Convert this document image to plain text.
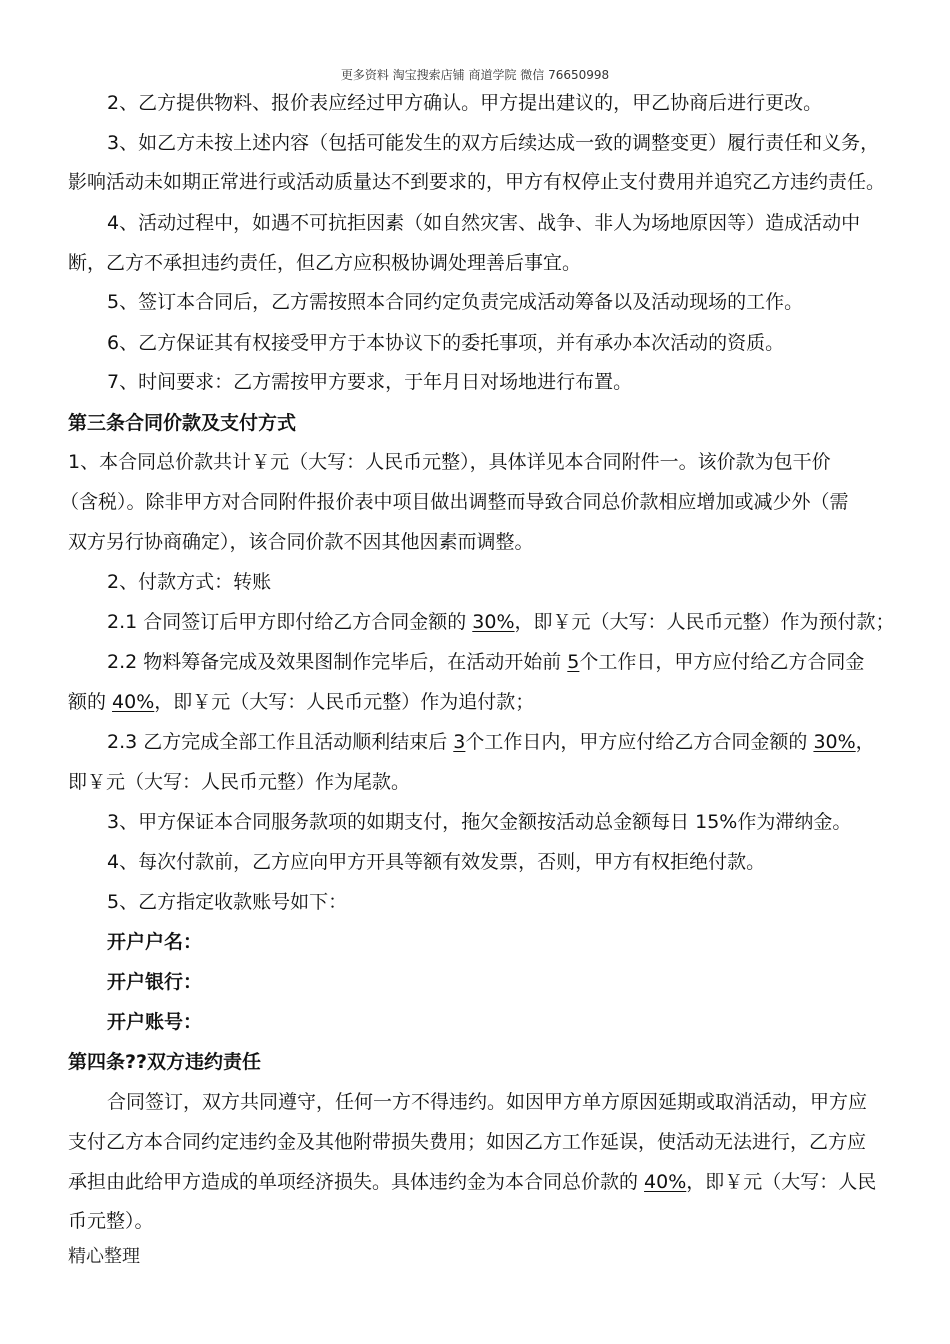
更多资料 淘宝搜索店铺 商道学院 微信 76650998
2、乙方提供物料、报价表应经过甲方确认。甲方提出建议的，甲乙协商后进行更改。
3、如乙方未按上述内容（包括可能发生的双方后续达成一致的调整变更）履行责任和义务，
影响活动未如期正常进行或活动质量达不到要求的，甲方有权停止支付费用并追究乙方违约责任。
4、活动过程中，如遇不可抗拒因素（如自然灾害、战争、非人为场地原因等）造成活动中
断，乙方不承担违约责任，但乙方应积极协调处理善后事宜。
5、签订本合同后，乙方需按照本合同约定负责完成活动筹备以及活动现场的工作。
6、乙方保证其有权接受甲方于本协议下的委托事项，并有承办本次活动的资质。
7、时间要求：乙方需按甲方要求，于年月日对场地进行布置。
第三条合同价款及支付方式
1、本合同总价款共计￥元（大写：人民币元整），具体详见本合同附件一。该价款为包干价
（含税）。除非甲方对合同附件报价表中项目做出调整而导致合同总价款相应增加或减少外（需
双方另行协商确定），该合同价款不因其他因素而调整。
2、付款方式：转账
2.1 合同签订后甲方即付给乙方合同金额的 30%，即￥元（大写：人民币元整）作为预付款；
2.2 物料筹备完成及效果图制作完毕后，在活动开始前 5个工作日，甲方应付给乙方合同金
额的 40%，即￥元（大写：人民币元整）作为追付款；
2.3 乙方完成全部工作且活动顺利结束后 3个工作日内，甲方应付给乙方合同金额的 30%，
即￥元（大写：人民币元整）作为尾款。
3、甲方保证本合同服务款项的如期支付，拖欠金额按活动总金额每日 15%作为滞纳金。
4、每次付款前，乙方应向甲方开具等额有效发票，否则，甲方有权拒绝付款。
5、乙方指定收款账号如下：
开户户名：
开户银行：
开户账号：
第四条??双方违约责任
合同签订，双方共同遵守，任何一方不得违约。如因甲方单方原因延期或取消活动，甲方应
支付乙方本合同约定违约金及其他附带损失费用；如因乙方工作延误，使活动无法进行，乙方应
承担由此给甲方造成的单项经济损失。具体违约金为本合同总价款的 40%，即￥元（大写：人民
币元整）。
精心整理
